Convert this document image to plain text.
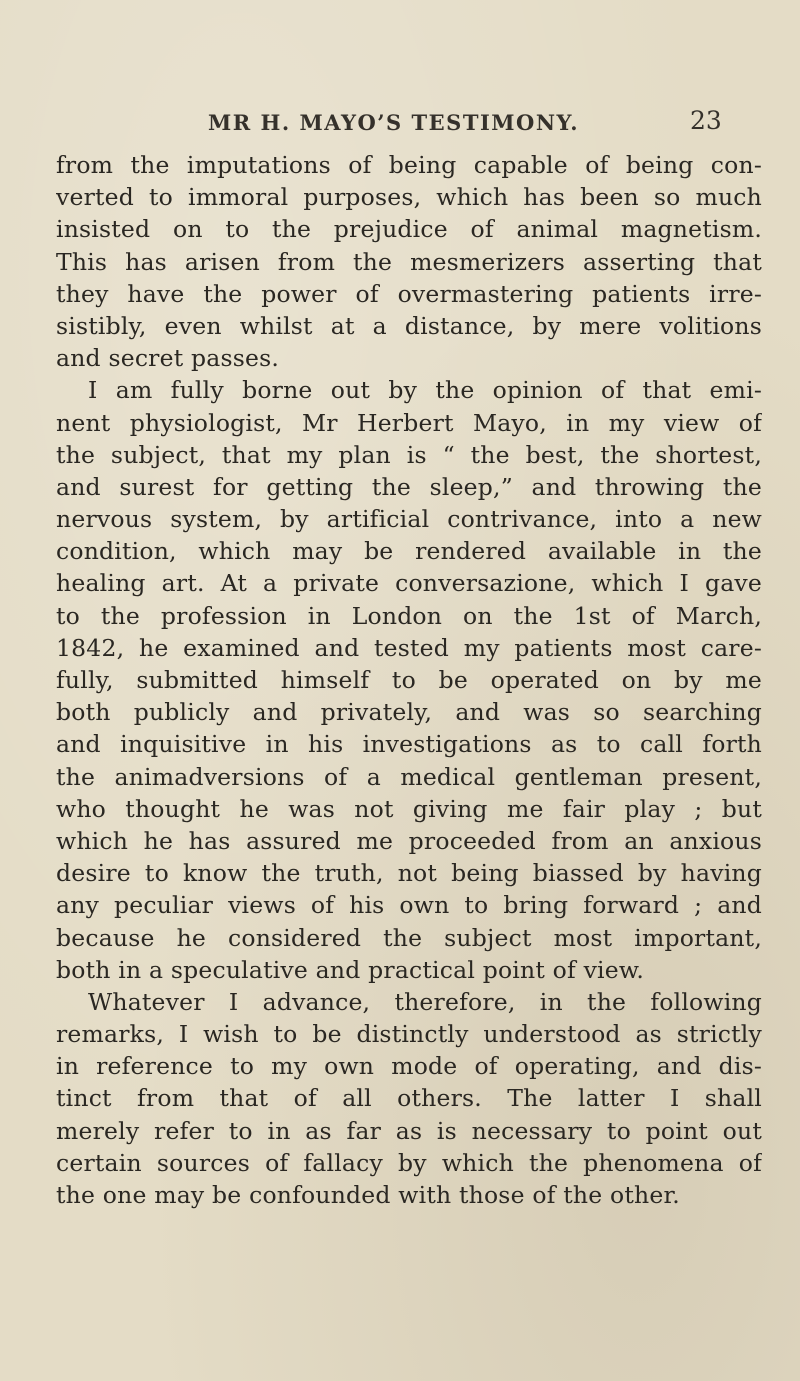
MR H. MAYO’S TESTIMONY.	23
from the imputations of being capable of being con-
verted to immoral purposes, which has been so much
insisted on to the prejudice of animal magnetism.
This has arisen from the mesmerizers asserting that
they have the power of overmastering patients irre-
sistibly, even whilst at a distance, by mere volitions
and secret passes.
I am fully borne out by the opinion of that emi-
nent physiologist, Mr Herbert Mayo, in my view of
the subject, that my plan is “ the best, the shortest,
and surest for getting the sleep,” and throwing the
nervous system, by artificial contrivance, into a new
condition, which may be rendered available in the
healing art. At a private conversazione, which I gave
to the profession in London on the 1st of March,
1842, he examined and tested my patients most care-
fully, submitted himself to be operated on by me
both publicly and privately, and was so searching
and inquisitive in his investigations as to call forth
the animadversions of a medical gentleman present,
who thought he was not giving me fair play ; but
which he has assured me proceeded from an anxious
desire to know the truth, not being biassed by having
any peculiar views of his own to bring forward ; and
because he considered the subject most important,
both in a speculative and practical point of view.
Whatever I advance, therefore, in the following
remarks, I wish to be distinctly understood as strictly
in reference to my own mode of operating, and dis-
tinct from that of all others. The latter I shall
merely refer to in as far as is necessary to point out
certain sources of fallacy by which the phenomena of
the one may be confounded with those of the other.
